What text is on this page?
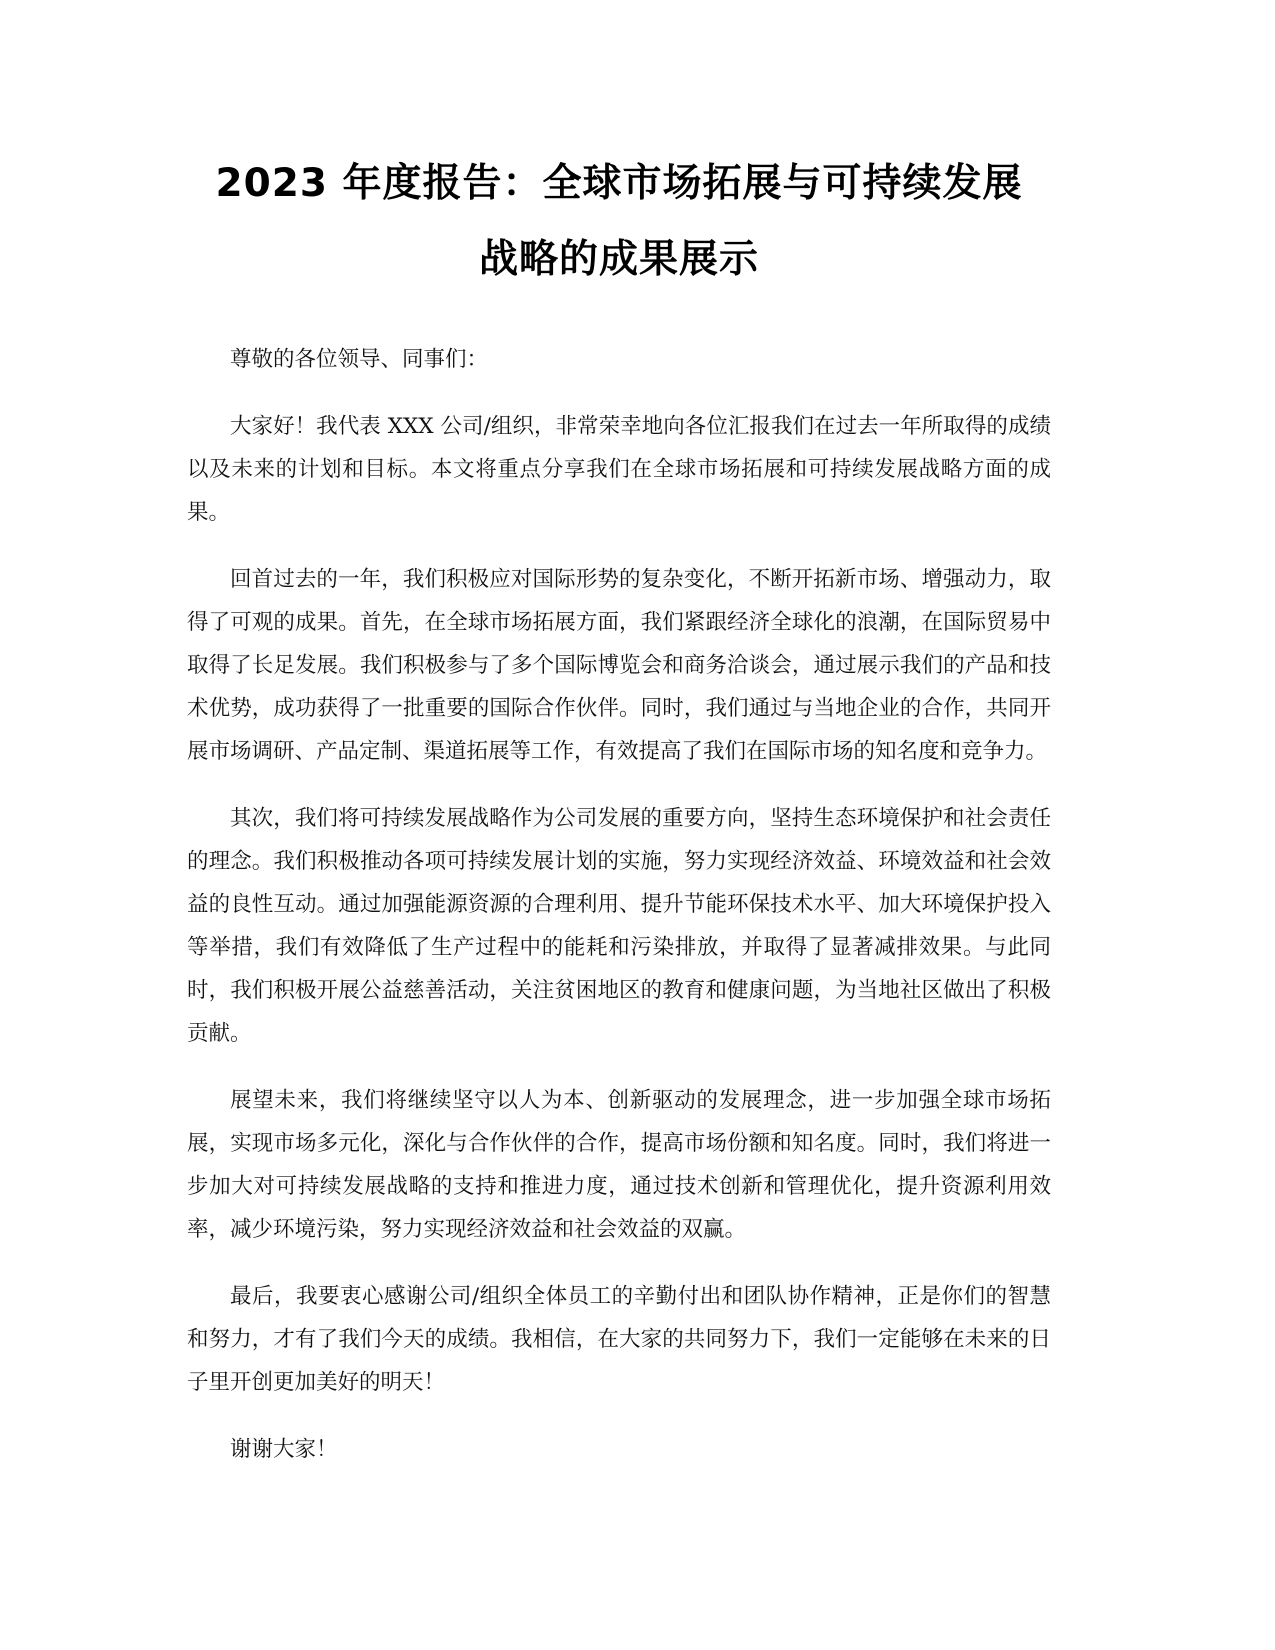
2023 年度报告：全球市场拓展与可持续发展
战略的成果展示

尊敬的各位领导、同事们：

大家好！我代表 XXX 公司/组织，非常荣幸地向各位汇报我们在过去一年所取得的成绩以及未来的计划和目标。本文将重点分享我们在全球市场拓展和可持续发展战略方面的成果。

回首过去的一年，我们积极应对国际形势的复杂变化，不断开拓新市场、增强动力，取得了可观的成果。首先，在全球市场拓展方面，我们紧跟经济全球化的浪潮，在国际贸易中取得了长足发展。我们积极参与了多个国际博览会和商务洽谈会，通过展示我们的产品和技术优势，成功获得了一批重要的国际合作伙伴。同时，我们通过与当地企业的合作，共同开展市场调研、产品定制、渠道拓展等工作，有效提高了我们在国际市场的知名度和竞争力。

其次，我们将可持续发展战略作为公司发展的重要方向，坚持生态环境保护和社会责任的理念。我们积极推动各项可持续发展计划的实施，努力实现经济效益、环境效益和社会效益的良性互动。通过加强能源资源的合理利用、提升节能环保技术水平、加大环境保护投入等举措，我们有效降低了生产过程中的能耗和污染排放，并取得了显著减排效果。与此同时，我们积极开展公益慈善活动，关注贫困地区的教育和健康问题，为当地社区做出了积极贡献。

展望未来，我们将继续坚守以人为本、创新驱动的发展理念，进一步加强全球市场拓展，实现市场多元化，深化与合作伙伴的合作，提高市场份额和知名度。同时，我们将进一步加大对可持续发展战略的支持和推进力度，通过技术创新和管理优化，提升资源利用效率，减少环境污染，努力实现经济效益和社会效益的双赢。

最后，我要衷心感谢公司/组织全体员工的辛勤付出和团队协作精神，正是你们的智慧和努力，才有了我们今天的成绩。我相信，在大家的共同努力下，我们一定能够在未来的日子里开创更加美好的明天！

谢谢大家！
